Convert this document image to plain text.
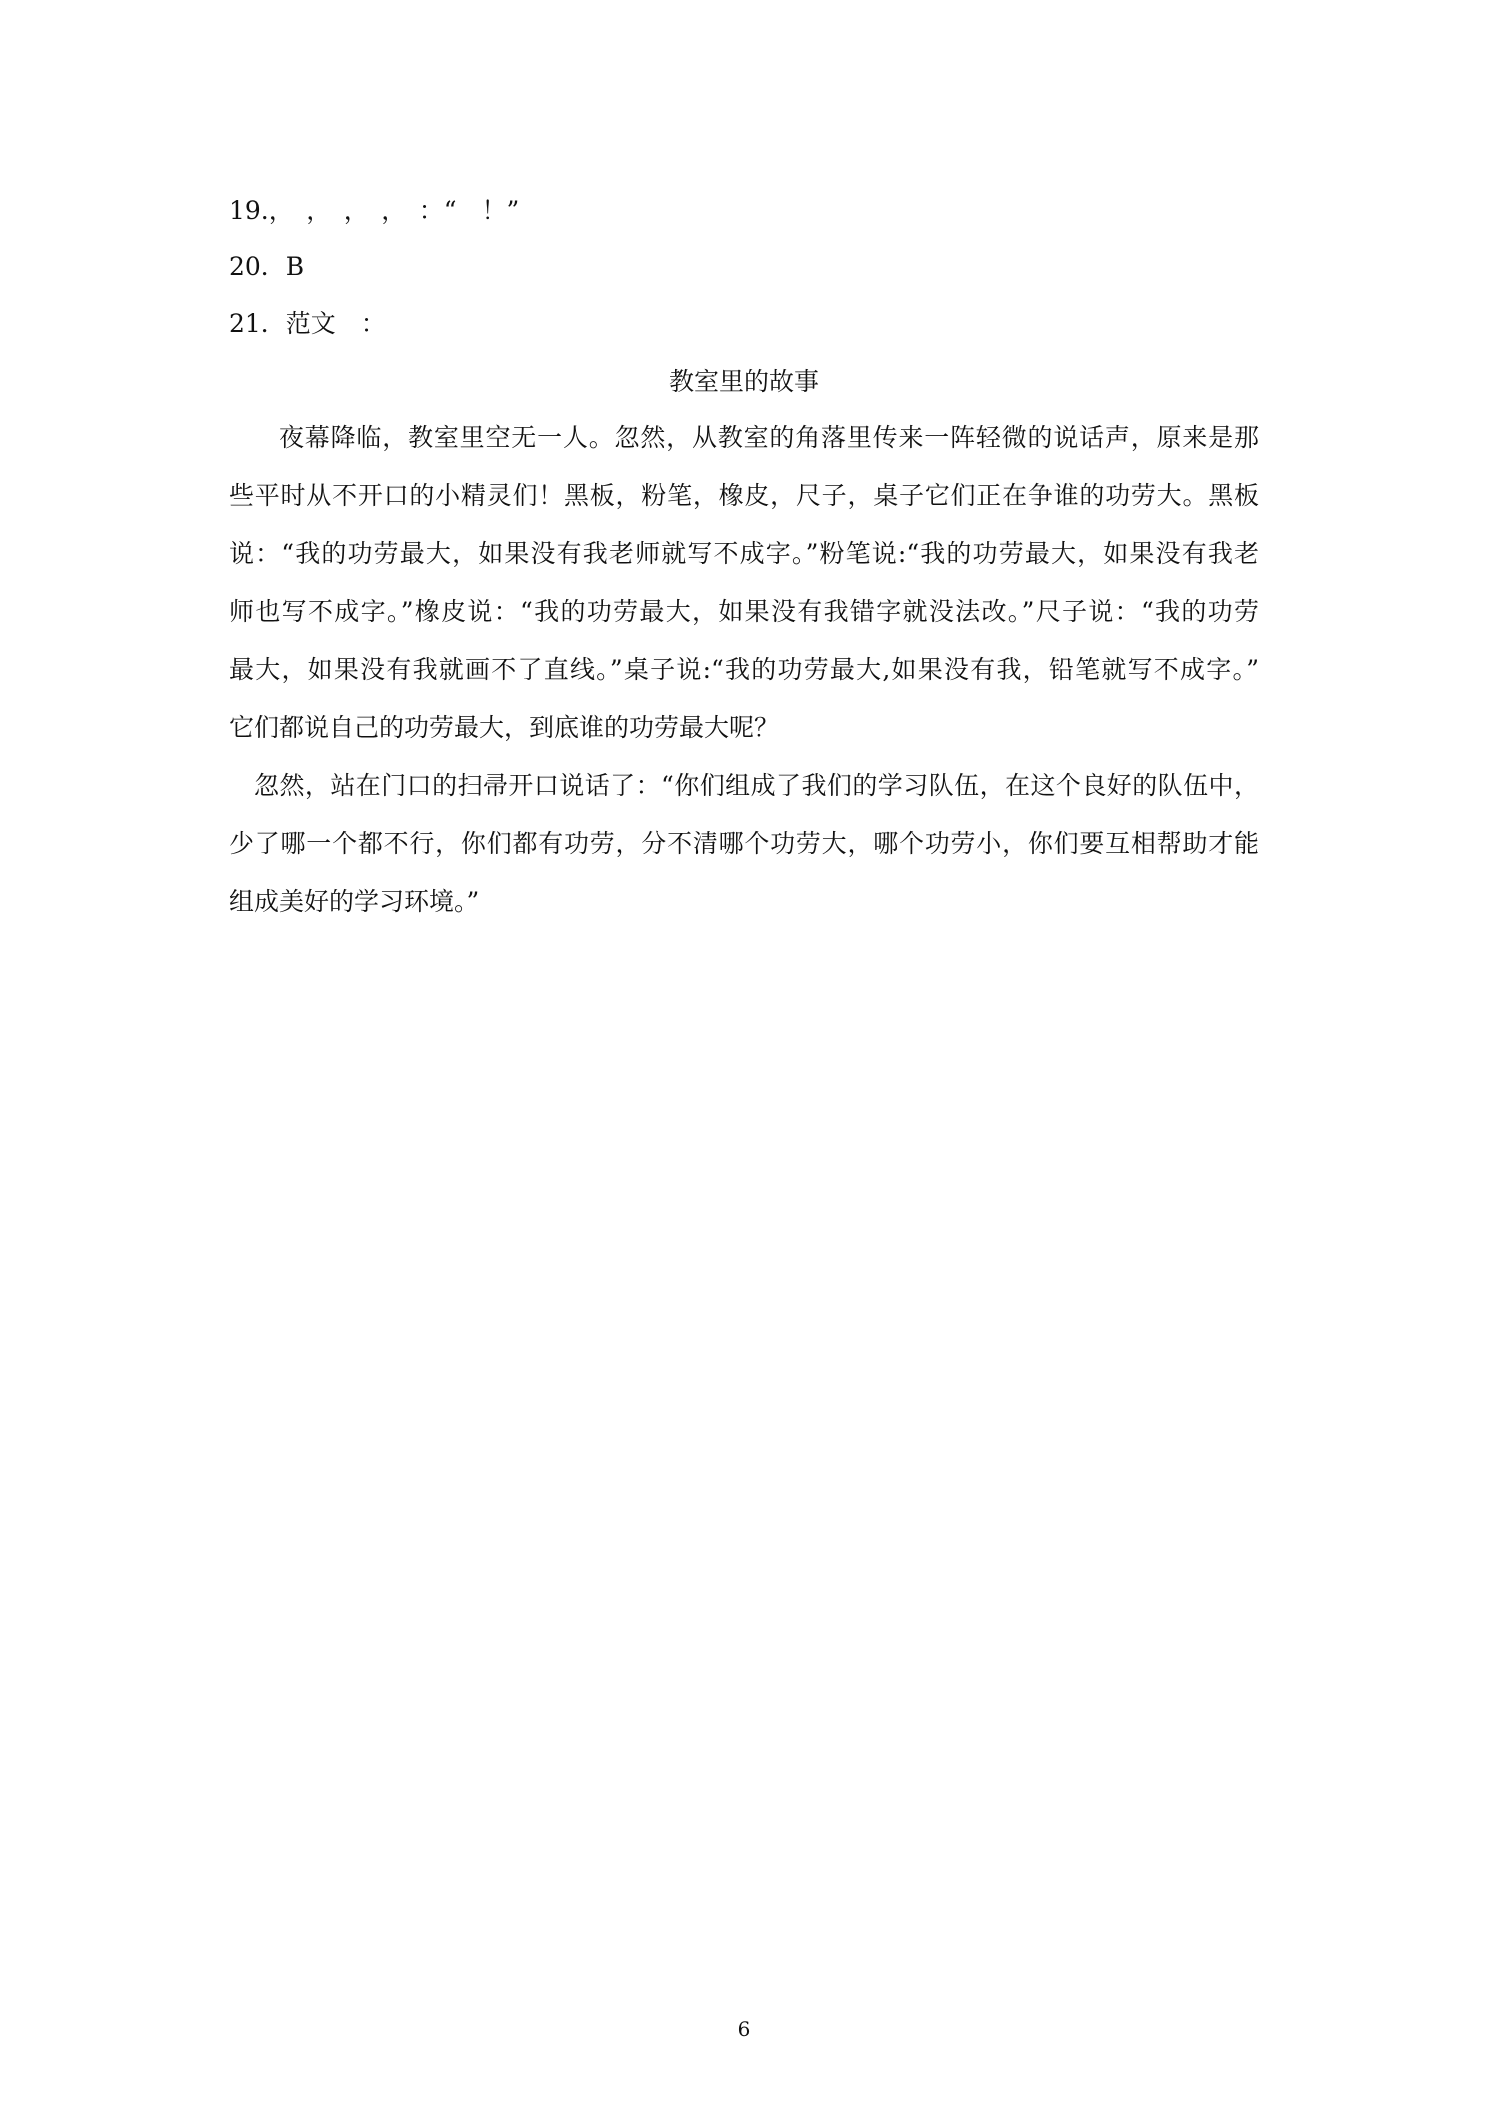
19.，　，　，　，　：“　！”
20．B
21．范文　：
教室里的故事
夜幕降临，教室里空无一人。忽然，从教室的角落里传来一阵轻微的说话声，原来是那
些平时从不开口的小精灵们！黑板，粉笔，橡皮，尺子，桌子它们正在争谁的功劳大。黑板
说：“我的功劳最大，如果没有我老师就写不成字。”粉笔说:“我的功劳最大，如果没有我老
师也写不成字。”橡皮说：“我的功劳最大，如果没有我错字就没法改。”尺子说：“我的功劳
最大，如果没有我就画不了直线。”桌子说:“我的功劳最大,如果没有我，铅笔就写不成字。”
它们都说自己的功劳最大，到底谁的功劳最大呢？
忽然，站在门口的扫帚开口说话了：“你们组成了我们的学习队伍，在这个良好的队伍中，
少了哪一个都不行，你们都有功劳，分不清哪个功劳大，哪个功劳小，你们要互相帮助才能
组成美好的学习环境。”
6
